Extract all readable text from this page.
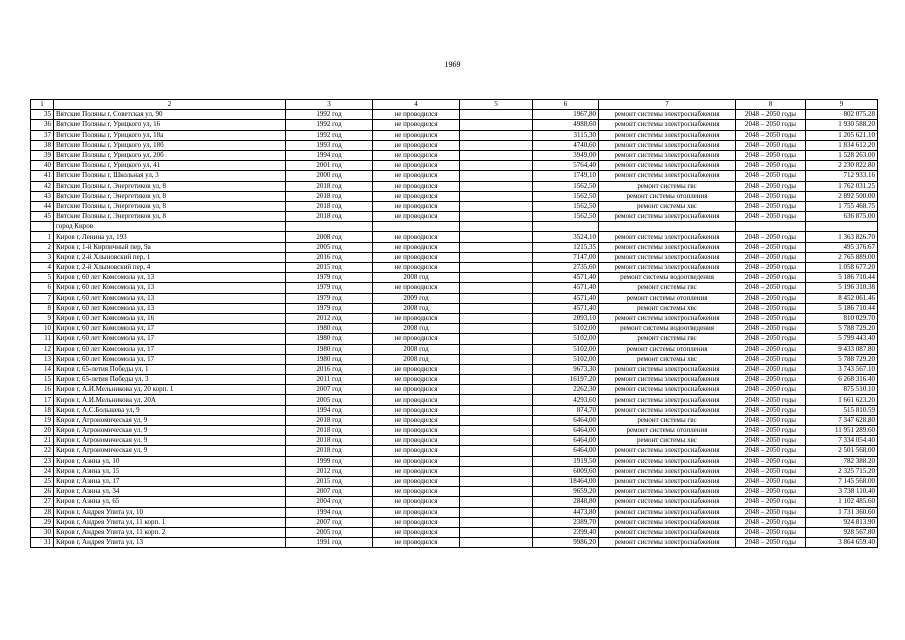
1969
1	2	3	4	5	6	7	8	9
35	Вятские Поляны г, Советская ул, 90	1992 год	не проводился		1967,80	ремонт системы электроснабжения	2048 – 2050 годы	802 075.28
36	Вятские Поляны г, Урицкого ул, 16	1992 год	не проводился		4988,60	ремонт системы электроснабжения	2048 – 2050 годы	1 930 588.20
37	Вятские Поляны г, Урицкого ул, 18а	1992 год	не проводился		3115,30	ремонт системы электроснабжения	2048 – 2050 годы	1 205 621.10
38	Вятские Поляны г, Урицкого ул, 18б	1993 год	не проводился		4740,60	ремонт системы электроснабжения	2048 – 2050 годы	1 834 612.20
39	Вятские Поляны г, Урицкого ул, 20б	1994 год	не проводился		3949,00	ремонт системы электроснабжения	2048 – 2050 годы	1 528 263.00
40	Вятские Поляны г, Урицкого ул, 41	2001 год	не проводился		5764,40	ремонт системы электроснабжения	2048 – 2050 годы	2 230 822.80
41	Вятские Поляны г, Школьная ул, 3	2000 год	не проводился		1749,10	ремонт системы электроснабжения	2048 – 2050 годы	712 933.16
42	Вятские Поляны г, Энергетиков ул, 8	2018 год	не проводился		1562,50	ремонт системы гвс	2048 – 2050 годы	1 762 031.25
43	Вятские Поляны г, Энергетиков ул, 8	2018 год	не проводился		1562,50	ремонт системы отопления	2048 – 2050 годы	2 892 500.00
44	Вятские Поляны г, Энергетиков ул, 8	2018 год	не проводился		1562,50	ремонт системы хвс	2048 – 2050 годы	1 755 468.75
45	Вятские Поляны г, Энергетиков ул, 8	2018 год	не проводился		1562,50	ремонт системы электроснабжения	2048 – 2050 годы	636 875.00
	город Киров							
1	Киров г, Ленина ул, 193	2008 год	не проводился		3524,10	ремонт системы электроснабжения	2048 – 2050 годы	1 363 826.70
2	Киров г, 1-й Кирпичный пер, 9а	2005 год	не проводился		1215,35	ремонт системы электроснабжения	2048 – 2050 годы	495 376.67
3	Киров г, 2-й Хлыновский пер, 1	2016 год	не проводился		7147,00	ремонт системы электроснабжения	2048 – 2050 годы	2 765 889.00
4	Киров г, 2-й Хлыновский пер, 4	2015 год	не проводился		2735,60	ремонт системы электроснабжения	2048 – 2050 годы	1 058 677.20
5	Киров г, 60 лет Комсомола ул, 13	1979 год	2008 год		4571,40	ремонт системы водоотведения	2048 – 2050 годы	5 186 710.44
6	Киров г, 60 лет Комсомола ул, 13	1979 год	не проводился		4571,40	ремонт системы гвс	2048 – 2050 годы	5 196 310.38
7	Киров г, 60 лет Комсомола ул, 13	1979 год	2009 год		4571,40	ремонт системы отопления	2048 – 2050 годы	8 452 061.46
8	Киров г, 60 лет Комсомола ул, 13	1979 год	2008 год		4571,40	ремонт системы хвс	2048 – 2050 годы	5 186 710.44
9	Киров г, 60 лет Комсомола ул, 16	2012 год	не проводился		2093,10	ремонт системы электроснабжения	2048 – 2050 годы	810 029.70
10	Киров г, 60 лет Комсомола ул, 17	1980 год	2008 год		5102,00	ремонт системы водоотведения	2048 – 2050 годы	5 788 729.20
11	Киров г, 60 лет Комсомола ул, 17	1980 год	не проводился		5102,00	ремонт системы гвс	2048 – 2050 годы	5 799 443.40
12	Киров г, 60 лет Комсомола ул, 17	1980 год	2008 год		5102,00	ремонт системы отопления	2048 – 2050 годы	9 433 087.80
13	Киров г, 60 лет Комсомола ул, 17	1980 год	2008 год		5102,00	ремонт системы хвс	2048 – 2050 годы	5 788 729.20
14	Киров г, 65-летия Победы ул, 1	2016 год	не проводился		9673,30	ремонт системы электроснабжения	2048 – 2050 годы	3 743 567.10
15	Киров г, 65-летия Победы ул, 3	2011 год	не проводился		16197,20	ремонт системы электроснабжения	2048 – 2050 годы	6 268 316.40
16	Киров г, А.И.Мельникова ул, 20 корп. 1	2007 год	не проводился		2262,30	ремонт системы электроснабжения	2048 – 2050 годы	875 510.10
17	Киров г, А.И.Мельникова ул, 20А	2005 год	не проводился		4293,60	ремонт системы электроснабжения	2048 – 2050 годы	1 661 623.20
18	Киров г, А.С.Большева ул, 9	1994 год	не проводился		874,70	ремонт системы электроснабжения	2048 – 2050 годы	515 810.59
19	Киров г, Агрономическая ул, 9	2018 год	не проводился		6464,00	ремонт системы гвс	2048 – 2050 годы	7 347 628.80
20	Киров г, Агрономическая ул, 9	2018 год	не проводился		6464,00	ремонт системы отопления	2048 – 2050 годы	11 951 289.60
21	Киров г, Агрономическая ул, 9	2018 год	не проводился		6464,00	ремонт системы хвс	2048 – 2050 годы	7 334 054.40
22	Киров г, Агрономическая ул, 9	2018 год	не проводился		6464,00	ремонт системы электроснабжения	2048 – 2050 годы	2 501 568.00
23	Киров г, Азина ул, 10	1999 год	не проводился		1919,50	ремонт системы электроснабжения	2048 – 2050 годы	782 388.20
24	Киров г, Азина ул, 15	2012 год	не проводился		6009,60	ремонт системы электроснабжения	2048 – 2050 годы	2 325 715.20
25	Киров г, Азина ул, 17	2015 год	не проводился		18464,00	ремонт системы электроснабжения	2048 – 2050 годы	7 145 568.00
26	Киров г, Азина ул, 34	2007 год	не проводился		9659,20	ремонт системы электроснабжения	2048 – 2050 годы	3 738 110.40
27	Киров г, Азина ул, 65	2004 год	не проводился		2848,80	ремонт системы электроснабжения	2048 – 2050 годы	1 102 485.60
28	Киров г, Андрея Упита ул, 10	1994 год	не проводился		4473,80	ремонт системы электроснабжения	2048 – 2050 годы	1 731 360.60
29	Киров г, Андрея Упита ул, 11 корп. 1	2007 год	не проводился		2389,70	ремонт системы электроснабжения	2048 – 2050 годы	924 813.90
30	Киров г, Андрея Упита ул, 11 корп. 2	2005 год	не проводился		2399,40	ремонт системы электроснабжения	2048 – 2050 годы	928 567.80
31	Киров г, Андрея Упита ул, 13	1991 год	не проводился		9986,20	ремонт системы электроснабжения	2048 – 2050 годы	3 864 659.40
